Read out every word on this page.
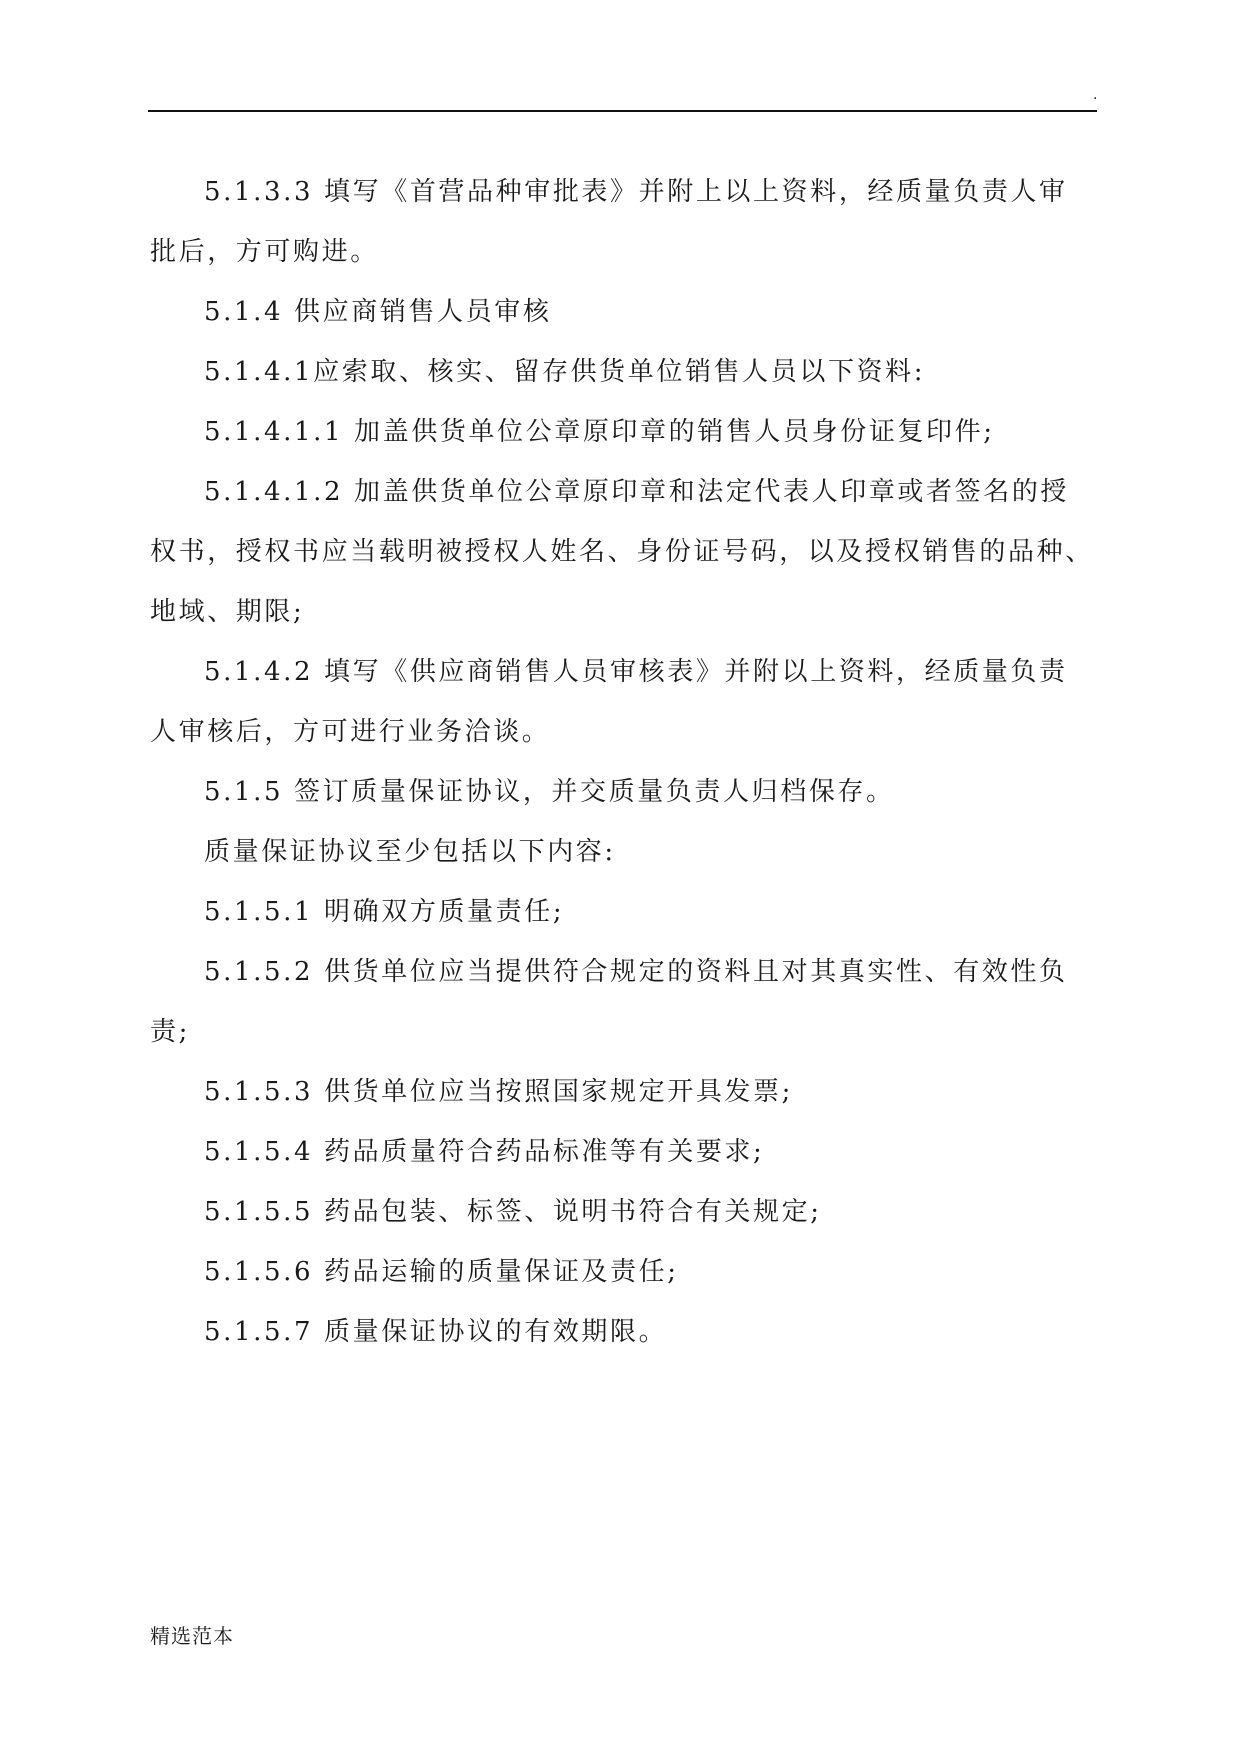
.
5.1.3.3 填写《首营品种审批表》并附上以上资料，经质量负责人审
批后，方可购进。
5.1.4 供应商销售人员审核
5.1.4.1应索取、核实、留存供货单位销售人员以下资料:
5.1.4.1.1 加盖供货单位公章原印章的销售人员身份证复印件;
5.1.4.1.2 加盖供货单位公章原印章和法定代表人印章或者签名的授
权书，授权书应当载明被授权人姓名、身份证号码，以及授权销售的品种、
地域、期限;
5.1.4.2 填写《供应商销售人员审核表》并附以上资料，经质量负责
人审核后，方可进行业务洽谈。
5.1.5 签订质量保证协议，并交质量负责人归档保存。
质量保证协议至少包括以下内容:
5.1.5.1 明确双方质量责任;
5.1.5.2 供货单位应当提供符合规定的资料且对其真实性、有效性负
责;
5.1.5.3 供货单位应当按照国家规定开具发票;
5.1.5.4 药品质量符合药品标准等有关要求;
5.1.5.5 药品包装、标签、说明书符合有关规定;
5.1.5.6 药品运输的质量保证及责任;
5.1.5.7 质量保证协议的有效期限。
精选范本
